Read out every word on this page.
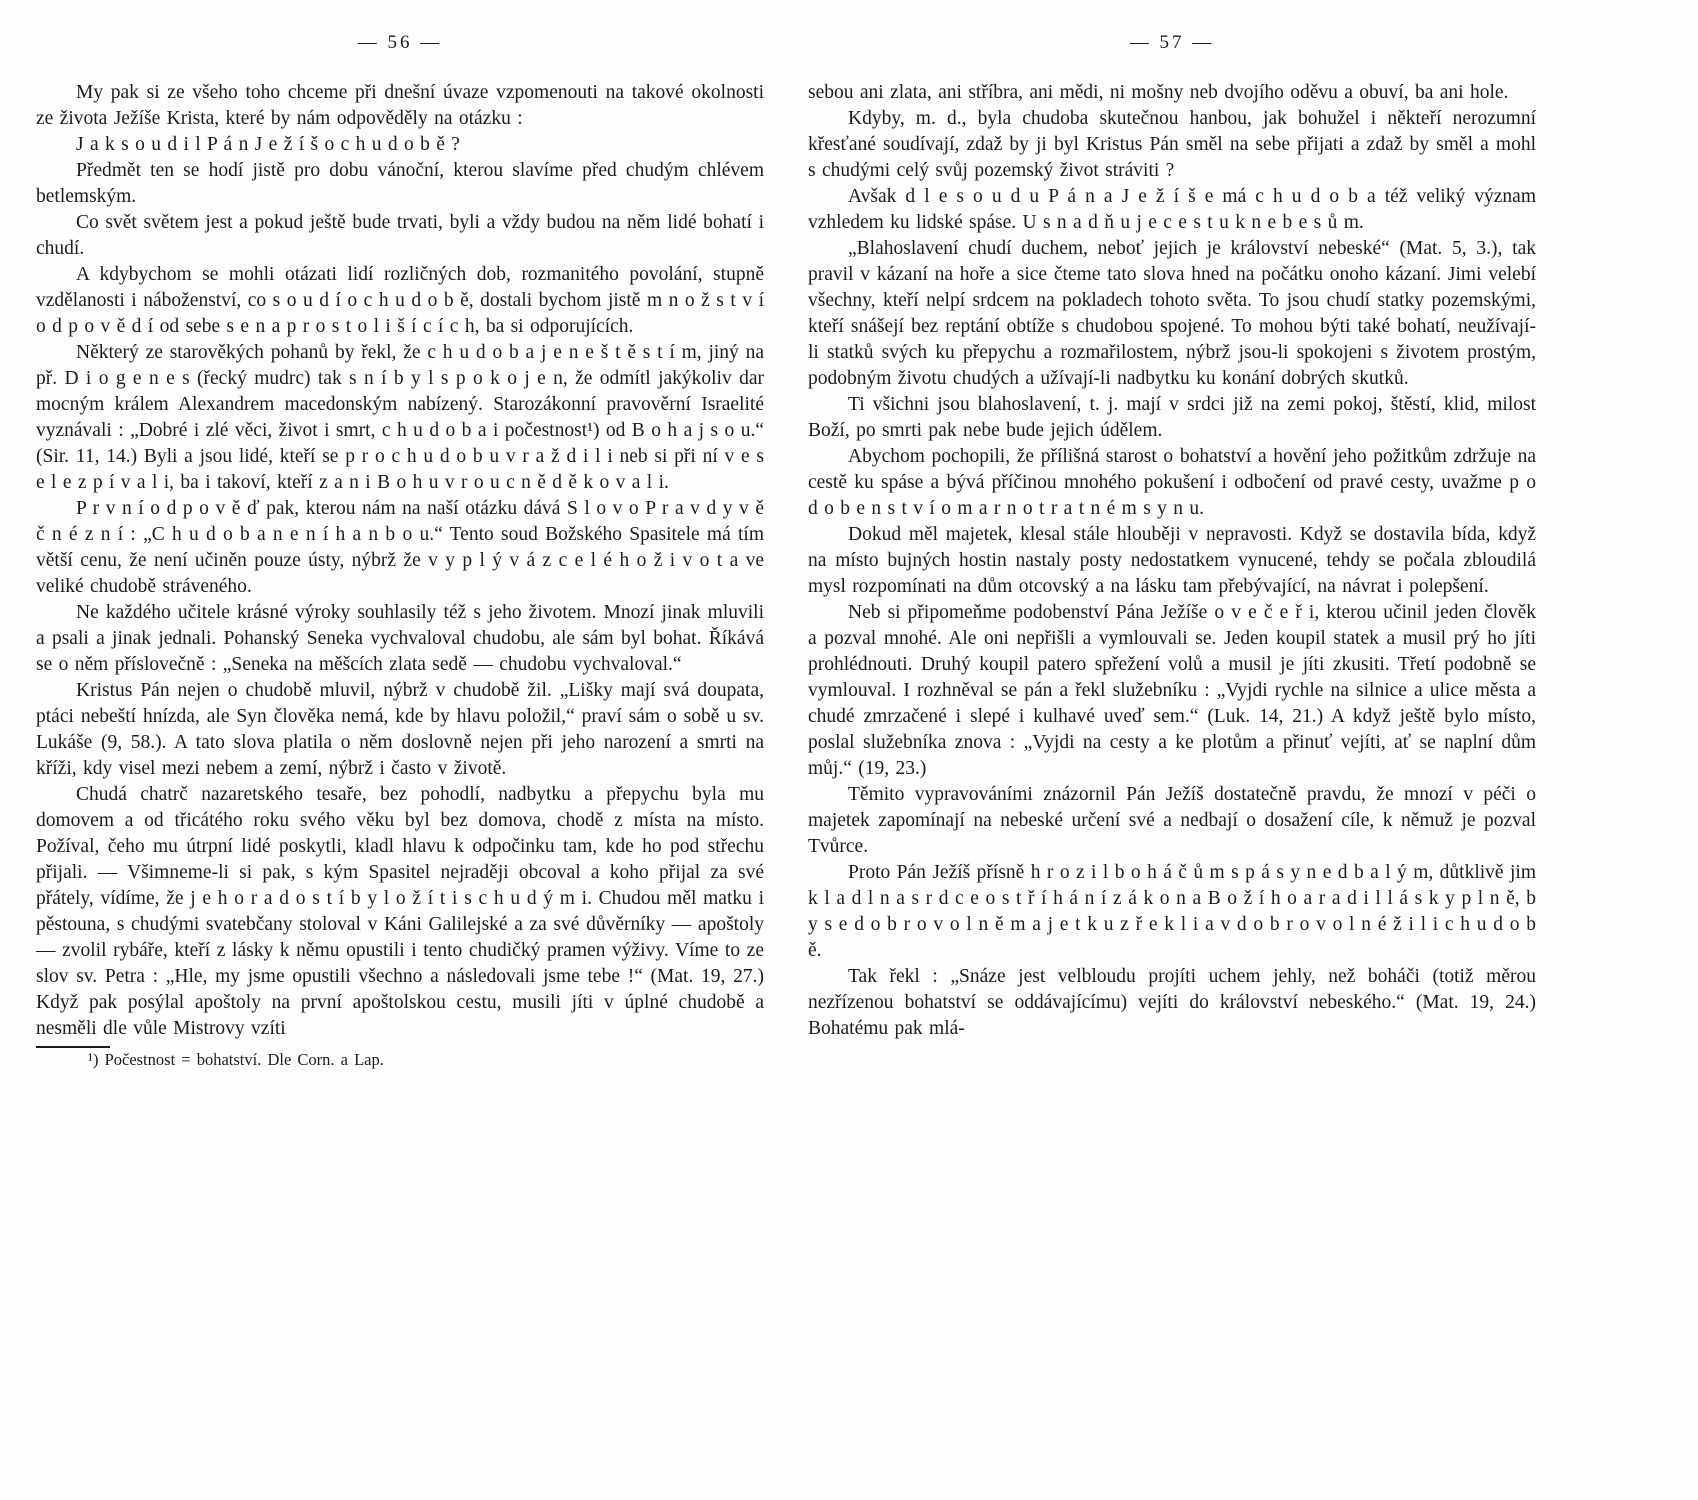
— 56 —

My pak si ze všeho toho chceme při dnešní úvaze vzpomenouti na takové okolnosti ze života Ježíše Krista, které by nám odpověděly na otázku :

J a k s o u d i l P á n J e ž í š o c h u d o b ě ?

Předmět ten se hodí jistě pro dobu vánoční, kterou slavíme před chudým chlévem betlemským.

Co svět světem jest a pokud ještě bude trvati, byli a vždy budou na něm lidé bohatí i chudí.

A kdybychom se mohli otázati lidí rozličných dob, rozmanitého povolání, stupně vzdělanosti i náboženství, co s o u d í o c h u d o b ě, dostali bychom jistě m n o ž s t v í o d p o v ě d í od sebe s e n a p r o s t o l i š í c í c h, ba si odporujících.

Některý ze starověkých pohanů by řekl, že c h u d o b a j e n e š t ě s t í m, jiný na př. D i o g e n e s (řecký mudrc) tak s n í b y l s p o k o j e n, že odmítl jakýkoliv dar mocným králem Alexandrem macedonským nabízený. Starozákonní pravověrní Israelité vyznávali : „Dobré i zlé věci, život i smrt, c h u d o b a i počestnost¹) od B o h a j s o u.“ (Sir. 11, 14.) Byli a jsou lidé, kteří se p r o c h u d o b u v r a ž d i l i neb si při ní v e s e l e z p í v a l i, ba i takoví, kteří z a n i B o h u v r o u c n ě d ě k o v a l i.

P r v n í o d p o v ě ď pak, kterou nám na naší otázku dává S l o v o P r a v d y v ě č n é z n í : „C h u d o b a n e n í h a n b o u.“ Tento soud Božského Spasitele má tím větší cenu, že není učiněn pouze ústy, nýbrž že v y p l ý v á z c e l é h o ž i v o t a ve veliké chudobě stráveného.

Ne každého učitele krásné výroky souhlasily též s jeho životem. Mnozí jinak mluvili a psali a jinak jednali. Pohanský Seneka vychvaloval chudobu, ale sám byl bohat. Říkává se o něm příslovečně : „Seneka na měšcích zlata sedě — chudobu vychvaloval.“

Kristus Pán nejen o chudobě mluvil, nýbrž v chudobě žil. „Lišky mají svá doupata, ptáci nebeští hnízda, ale Syn člověka nemá, kde by hlavu položil,“ praví sám o sobě u sv. Lukáše (9, 58.). A tato slova platila o něm doslovně nejen při jeho narození a smrti na kříži, kdy visel mezi nebem a zemí, nýbrž i často v životě.

Chudá chatrč nazaretského tesaře, bez pohodlí, nadbytku a přepychu byla mu domovem a od třicátého roku svého věku byl bez domova, chodě z místa na místo. Požíval, čeho mu útrpní lidé poskytli, kladl hlavu k odpočinku tam, kde ho pod střechu přijali. — Všimneme-li si pak, s kým Spasitel nejraději obcoval a koho přijal za své přátely, vídíme, že j e h o r a d o s t í b y l o ž í t i s c h u d ý m i. Chudou měl matku i pěstouna, s chudými svatebčany stoloval v Káni Galilejské a za své důvěrníky — apoštoly — zvolil rybáře, kteří z lásky k němu opustili i tento chudičký pramen výživy. Víme to ze slov sv. Petra : „Hle, my jsme opustili všechno a následovali jsme tebe !“ (Mat. 19, 27.) Když pak posýlal apoštoly na první apoštolskou cestu, musili jíti v úplné chudobě a nesměli dle vůle Mistrovy vzíti

¹) Počestnost = bohatství. Dle Corn. a Lap.

— 57 —

sebou ani zlata, ani stříbra, ani mědi, ni mošny neb dvojího oděvu a obuví, ba ani hole.

Kdyby, m. d., byla chudoba skutečnou hanbou, jak bohužel i někteří nerozumní křesťané soudívají, zdaž by ji byl Kristus Pán směl na sebe přijati a zdaž by směl a mohl s chudými celý svůj pozemský život stráviti ?

Avšak d l e s o u d u P á n a J e ž í š e má c h u d o b a též veliký význam vzhledem ku lidské spáse. U s n a d ň u j e c e s t u k n e b e s ů m.

„Blahoslavení chudí duchem, neboť jejich je království nebeské“ (Mat. 5, 3.), tak pravil v kázaní na hoře a sice čteme tato slova hned na počátku onoho kázaní. Jimi velebí všechny, kteří nelpí srdcem na pokladech tohoto světa. To jsou chudí statky pozemskými, kteří snášejí bez reptání obtíže s chudobou spojené. To mohou býti také bohatí, neužívají-li statků svých ku přepychu a rozmařilostem, nýbrž jsou-li spokojeni s životem prostým, podobným životu chudých a užívají-li nadbytku ku konání dobrých skutků.

Ti všichni jsou blahoslavení, t. j. mají v srdci již na zemi pokoj, štěstí, klid, milost Boží, po smrti pak nebe bude jejich údělem.

Abychom pochopili, že přílišná starost o bohatství a hovění jeho požitkům zdržuje na cestě ku spáse a bývá příčinou mnohého pokušení i odbočení od pravé cesty, uvažme p o d o b e n s t v í o m a r n o t r a t n é m s y n u.

Dokud měl majetek, klesal stále hlouběji v nepravosti. Když se dostavila bída, když na místo bujných hostin nastaly posty nedostatkem vynucené, tehdy se počala zbloudilá mysl rozpomínati na dům otcovský a na lásku tam přebývající, na návrat i polepšení.

Neb si připomeňme podobenství Pána Ježíše o v e č e ř i, kterou učinil jeden člověk a pozval mnohé. Ale oni nepřišli a vymlouvali se. Jeden koupil statek a musil prý ho jíti prohlédnouti. Druhý koupil patero spřežení volů a musil je jíti zkusiti. Třetí podobně se vymlouval. I rozhněval se pán a řekl služebníku : „Vyjdi rychle na silnice a ulice města a chudé zmrzačené i slepé i kulhavé uveď sem.“ (Luk. 14, 21.) A když ještě bylo místo, poslal služebníka znova : „Vyjdi na cesty a ke plotům a přinuť vejíti, ať se naplní dům můj.“ (19, 23.)

Těmito vypravováními znázornil Pán Ježíš dostatečně pravdu, že mnozí v péči o majetek zapomínají na nebeské určení své a nedbají o dosažení cíle, k němuž je pozval Tvůrce.

Proto Pán Ježíš přísně h r o z i l b o h á č ů m s p á s y n e d b a l ý m, důtklivě jim k l a d l n a s r d c e o s t ř í h á n í z á k o n a B o ž í h o a r a d i l l á s k y p l n ě, b y s e d o b r o v o l n ě m a j e t k u z ř e k l i a v d o b r o v o l n é ž i l i c h u d o b ě.

Tak řekl : „Snáze jest velbloudu projíti uchem jehly, než boháči (totiž měrou nezřízenou bohatství se oddávajícímu) vejíti do království nebeského.“ (Mat. 19, 24.) Bohatému pak mlá-
